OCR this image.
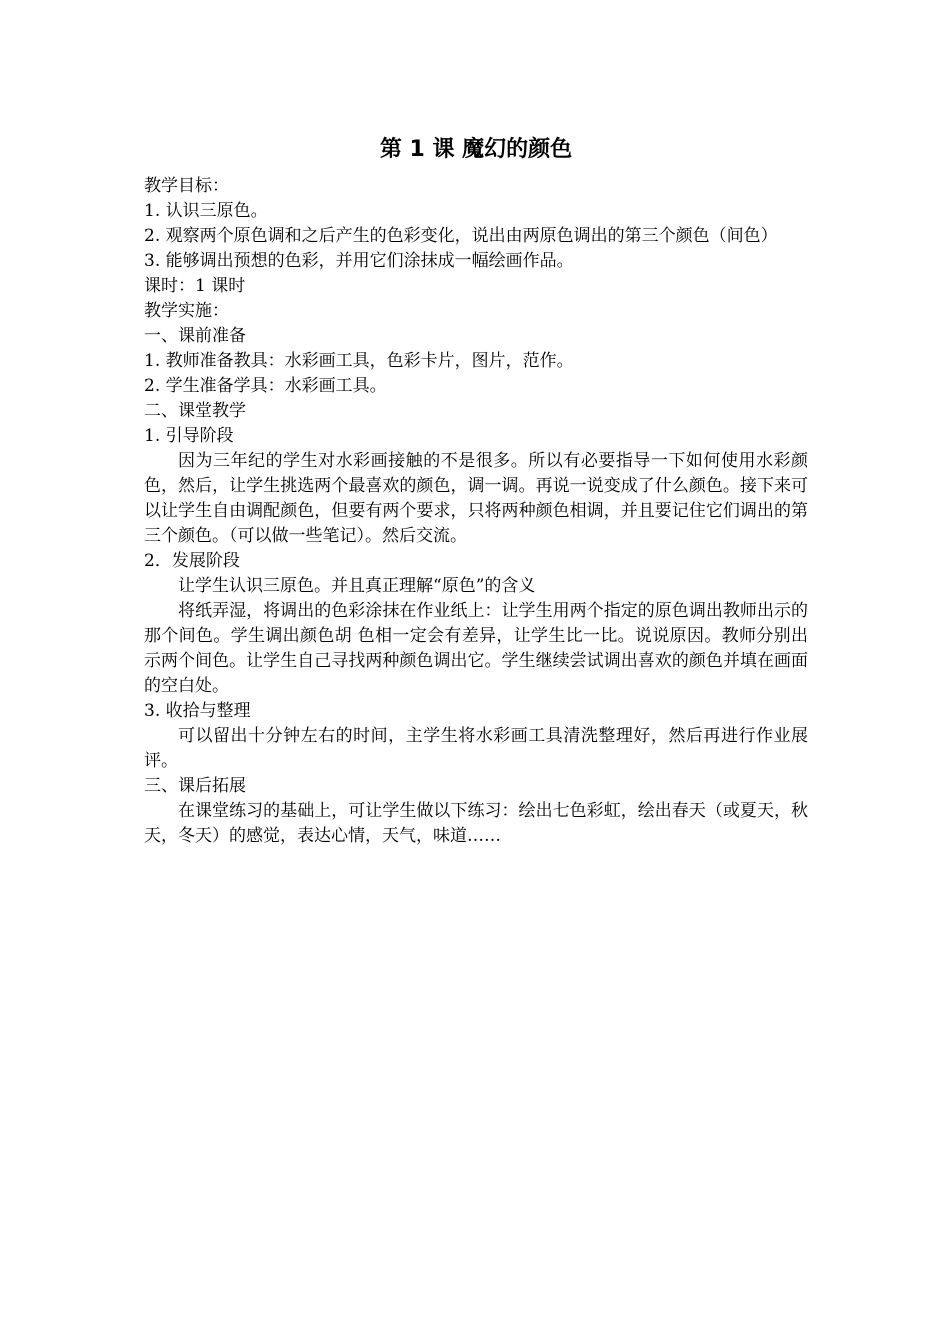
第 1 课 魔幻的颜色

教学目标：

1. 认识三原色。

2. 观察两个原色调和之后产生的色彩变化，说出由两原色调出的第三个颜色（间色）

3. 能够调出预想的色彩，并用它们涂抹成一幅绘画作品。

课时：1 课时

教学实施：

一、课前准备

1. 教师准备教具：水彩画工具，色彩卡片，图片，范作。

2. 学生准备学具：水彩画工具。

二、课堂教学

1. 引导阶段

因为三年纪的学生对水彩画接触的不是很多。所以有必要指导一下如何使用水彩颜色，然后，让学生挑选两个最喜欢的颜色，调一调。再说一说变成了什么颜色。接下来可以让学生自由调配颜色，但要有两个要求，只将两种颜色相调，并且要记住它们调出的第三个颜色。（可以做一些笔记）。然后交流。

2．发展阶段

让学生认识三原色。并且真正理解“原色”的含义

将纸弄湿，将调出的色彩涂抹在作业纸上：让学生用两个指定的原色调出教师出示的那个间色。学生调出颜色胡 色相一定会有差异，让学生比一比。说说原因。教师分别出示两个间色。让学生自己寻找两种颜色调出它。学生继续尝试调出喜欢的颜色并填在画面的空白处。

3. 收拾与整理

可以留出十分钟左右的时间，主学生将水彩画工具清洗整理好，然后再进行作业展评。

三、课后拓展

在课堂练习的基础上，可让学生做以下练习：绘出七色彩虹，绘出春天（或夏天，秋天，冬天）的感觉，表达心情，天气，味道……
